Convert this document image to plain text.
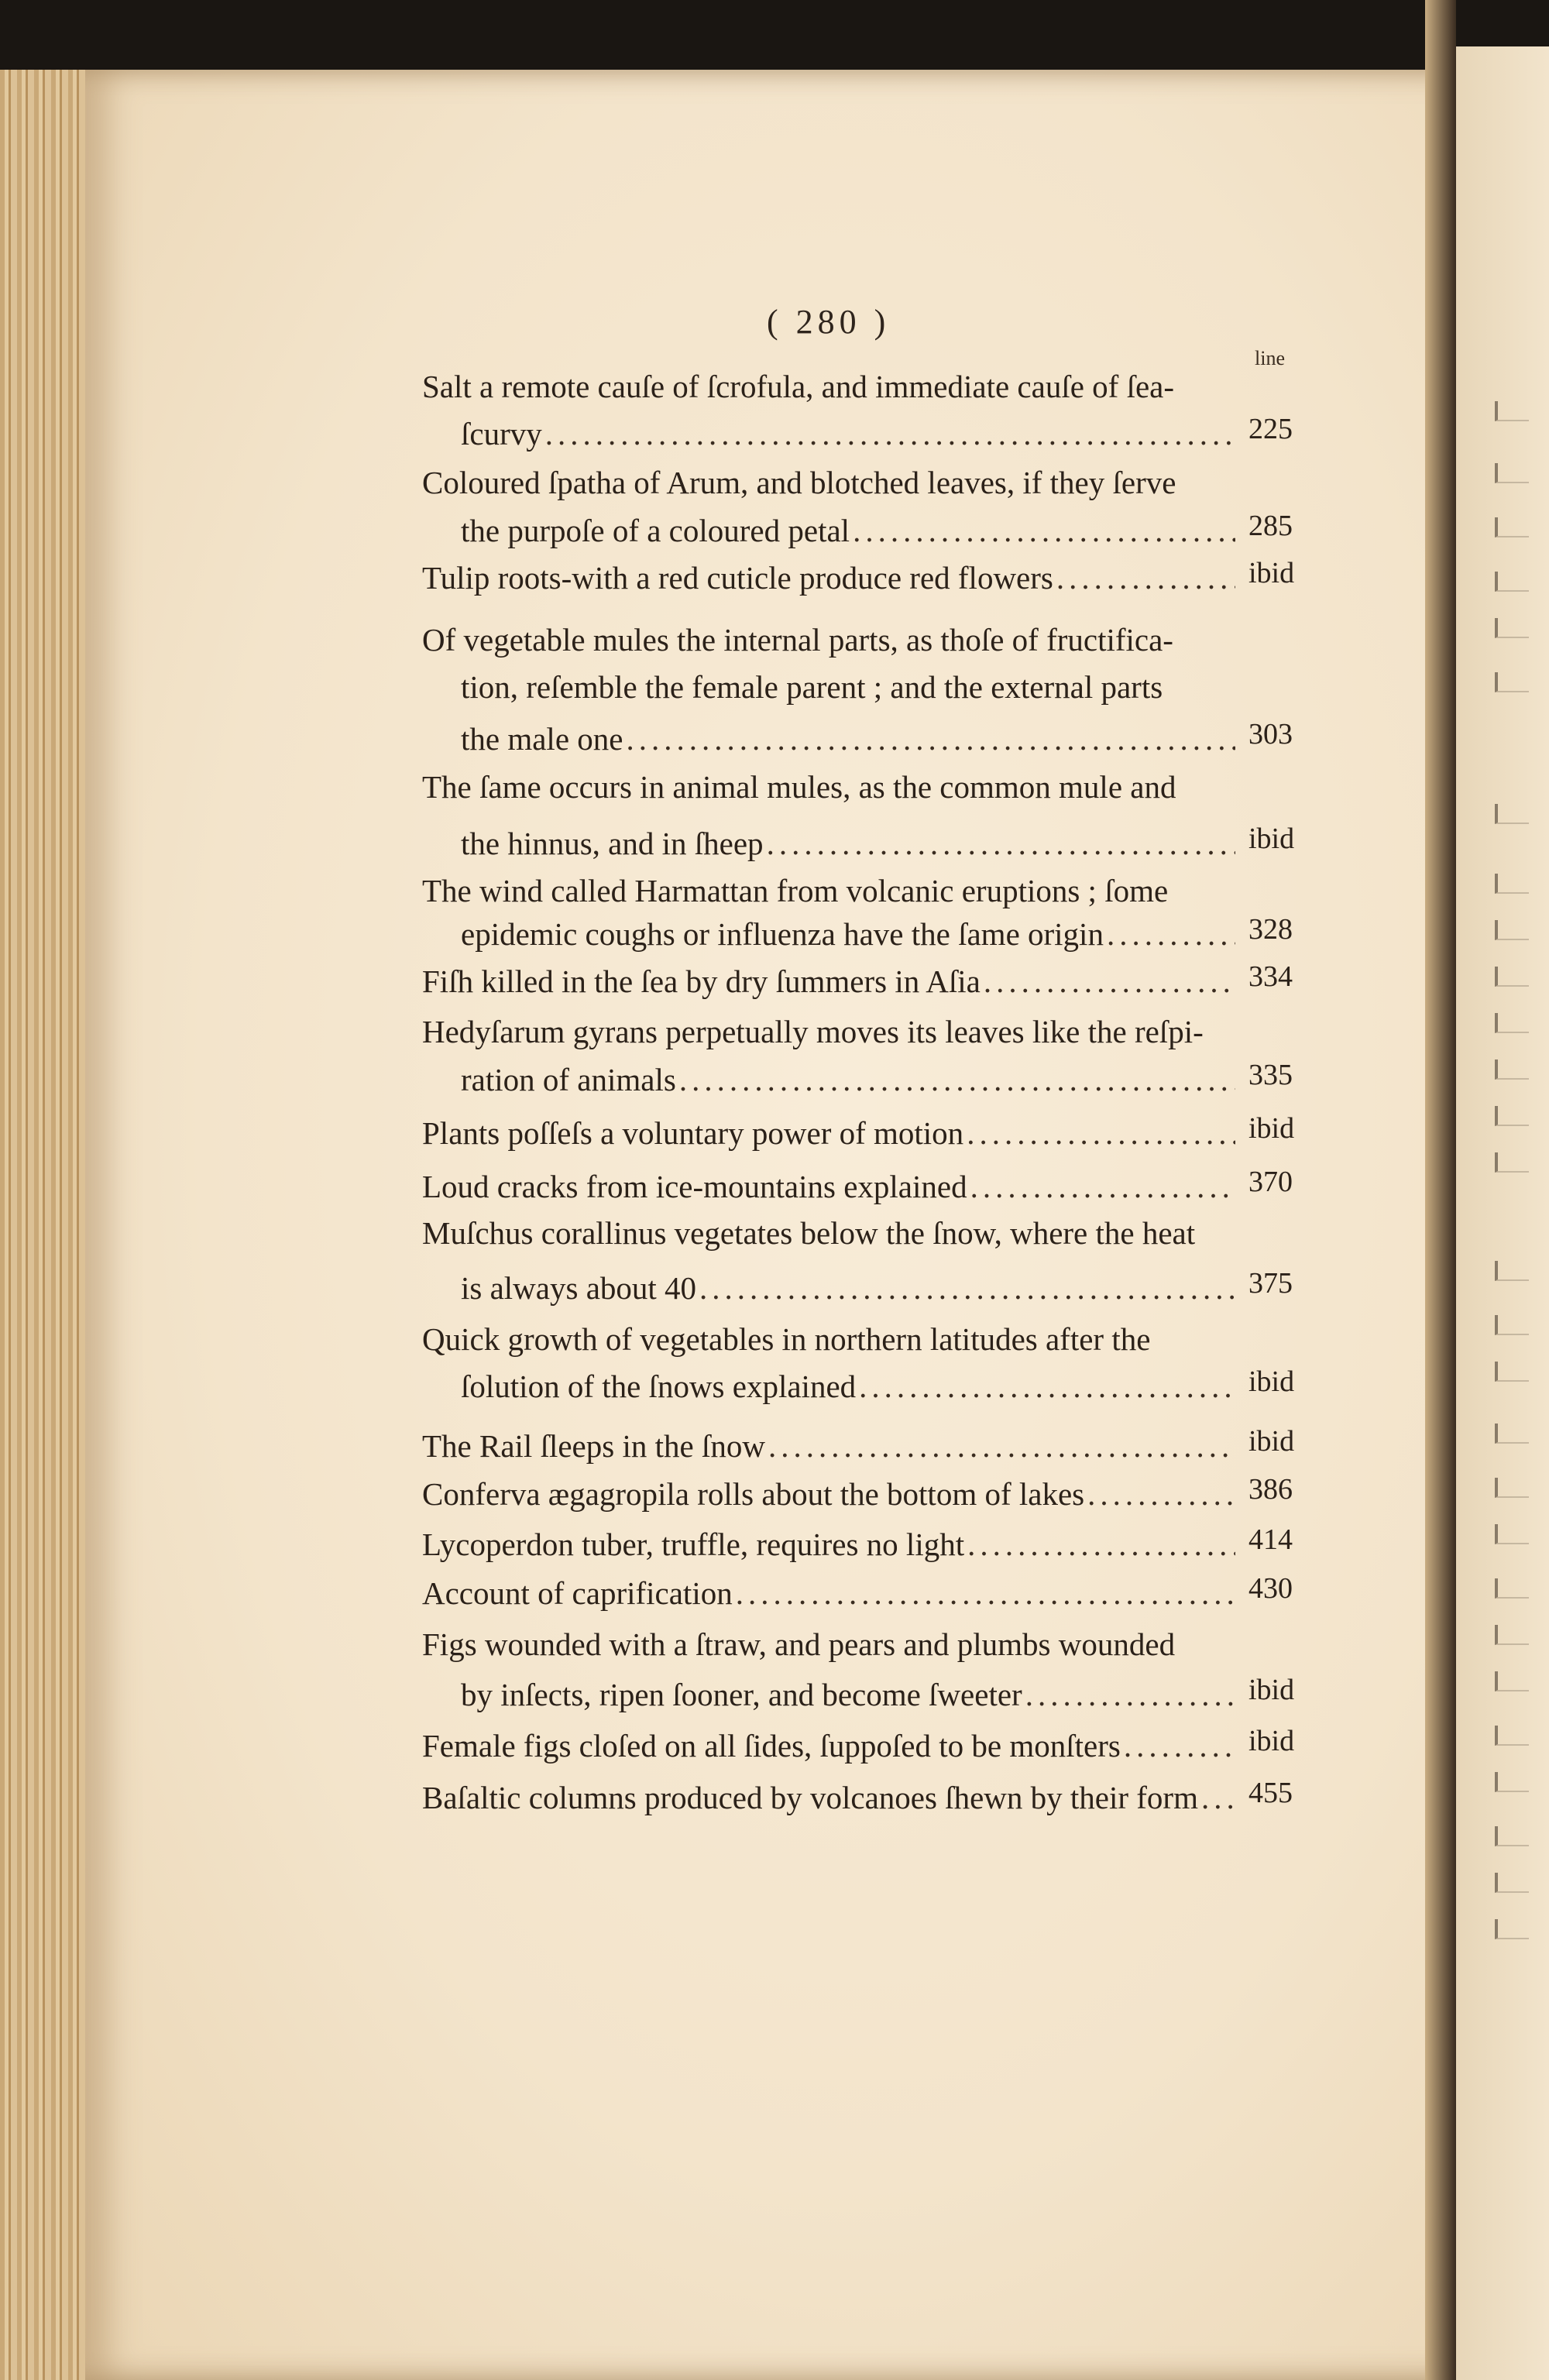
( 280 )
line
Salt a remote cauſe of ſcrofula, and immediate cauſe of ſea-
225
ſcurvy
.....
Coloured ſpatha of Arum, and blotched leaves, if they ſerve
285
the purpoſe of a coloured petal
.....
ibid
Tulip roots-with a red cuticle produce red flowers
.....
Of vegetable mules the internal parts, as thoſe of fructifica-
tion, reſemble the female parent ; and the external parts
303
the male one
.....
The ſame occurs in animal mules, as the common mule and
ibid
the hinnus, and in ſheep
.....
The wind called Harmattan from volcanic eruptions ; ſome
328
epidemic coughs or influenza have the ſame origin
.....
334
Fiſh killed in the ſea by dry ſummers in Aſia
.....
Hedyſarum gyrans perpetually moves its leaves like the reſpi-
335
ration of animals
.....
ibid
Plants poſſeſs a voluntary power of motion
.....
370
Loud cracks from ice-mountains explained
.....
Muſchus corallinus vegetates below the ſnow, where the heat
375
is always about 40
.....
Quick growth of vegetables in northern latitudes after the
ibid
ſolution of the ſnows explained
.....
ibid
The Rail ſleeps in the ſnow
.....
386
Conferva ægagropila rolls about the bottom of lakes
.....
414
Lycoperdon tuber, truffle, requires no light
.....
430
Account of caprification
.....
Figs wounded with a ſtraw, and pears and plumbs wounded
ibid
by inſects, ripen ſooner, and become ſweeter
.....
ibid
Female figs cloſed on all ſides, ſuppoſed to be monſters
.....
455
Baſaltic columns produced by volcanoes ſhewn by their form
.....
